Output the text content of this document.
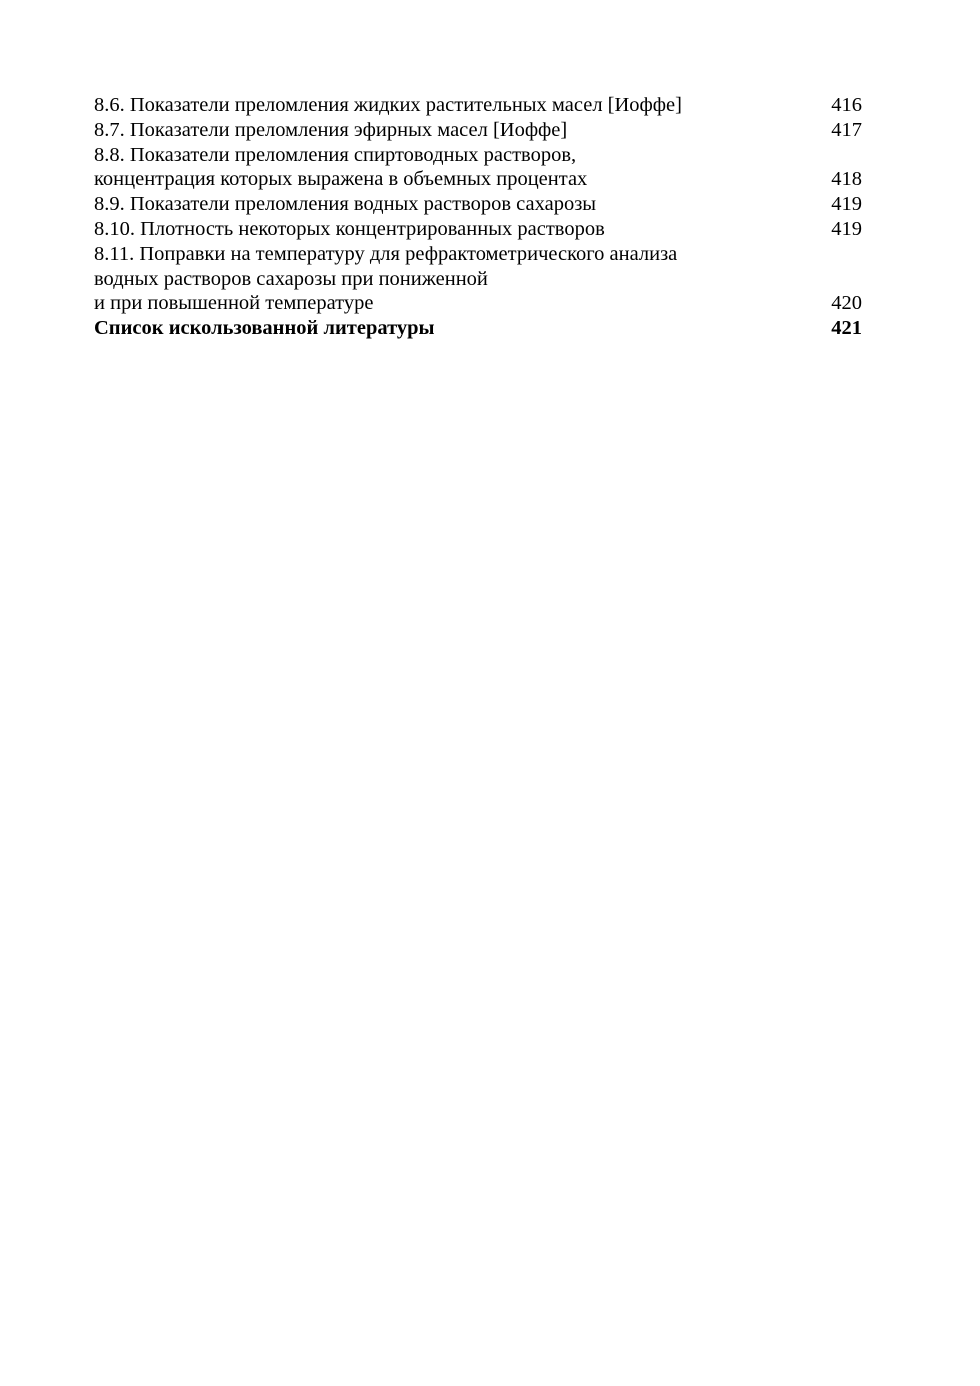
8.6. Показатели преломления жидких растительных масел [Иоффе]	416
8.7. Показатели преломления эфирных масел [Иоффе]	417
8.8. Показатели преломления спиртоводных растворов,
концентрация которых выражена в объемных процентах	418
8.9. Показатели преломления водных растворов сахарозы	419
8.10. Плотность некоторых концентрированных растворов	419
8.11. Поправки на температуру для рефрактометрического анализа
водных растворов сахарозы при пониженной
и при повышенной температуре	420
Список искользованной литературы	421
